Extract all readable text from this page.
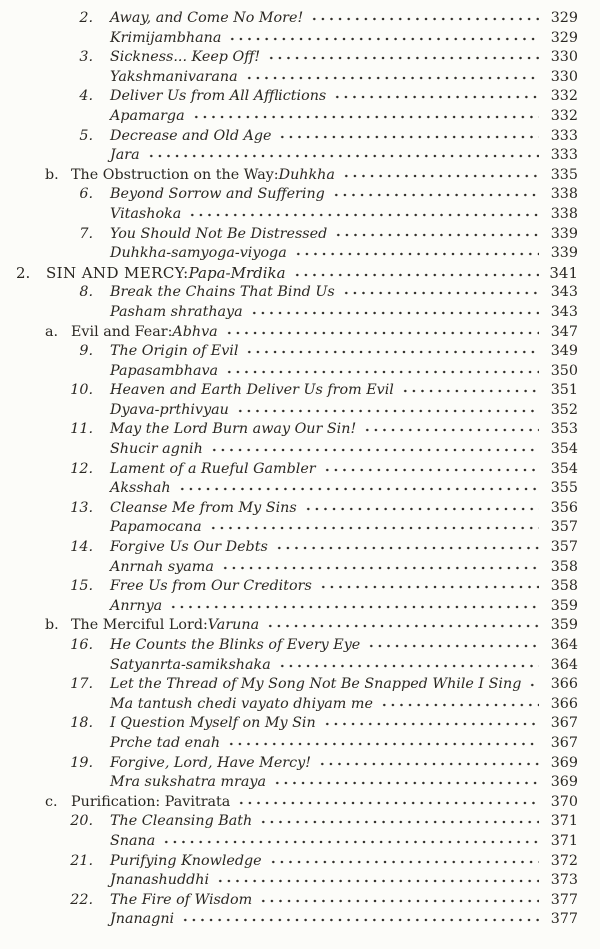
2. Away, and Come No More!	329
Krimijambhana	329
3. Sickness... Keep Off!	330
Yakshmanivarana	330
4. Deliver Us from All Afflictions	332
Apamarga	332
5. Decrease and Old Age	333
Jara	333
b. The Obstruction on the Way: Duhkha	335
6. Beyond Sorrow and Suffering	338
Vitashoka	338
7. You Should Not Be Distressed	339
Duhkha-samyoga-viyoga	339
2.	SIN AND MERCY: Papa-Mrdika	341
8. Break the Chains That Bind Us	343
Pasham shrathaya	343
a. Evil and Fear: Abhva	347
9. The Origin of Evil	349
Papasambhava	350
10. Heaven and Earth Deliver Us from Evil	351
Dyava-prthivyau	352
11. May the Lord Burn away Our Sin!	353
Shucir agnih	354
12. Lament of a Rueful Gambler	354
Aksshah	355
13. Cleanse Me from My Sins	356
Papamocana	357
14. Forgive Us Our Debts	357
Anrnah syama	358
15. Free Us from Our Creditors	358
Anrnya	359
b. The Merciful Lord: Varuna	359
16. He Counts the Blinks of Every Eye	364
Satyanrta-samikshaka	364
17. Let the Thread of My Song Not Be Snapped While I Sing	366
Ma tantush chedi vayato dhiyam me	366
18. I Question Myself on My Sin	367
Prche tad enah	367
19. Forgive, Lord, Have Mercy!	369
Mra sukshatra mraya	369
c. Purification: Pavitrata	370
20. The Cleansing Bath	371
Snana	371
21. Purifying Knowledge	372
Jnanashuddhi	373
22. The Fire of Wisdom	377
Jnanagni	377
